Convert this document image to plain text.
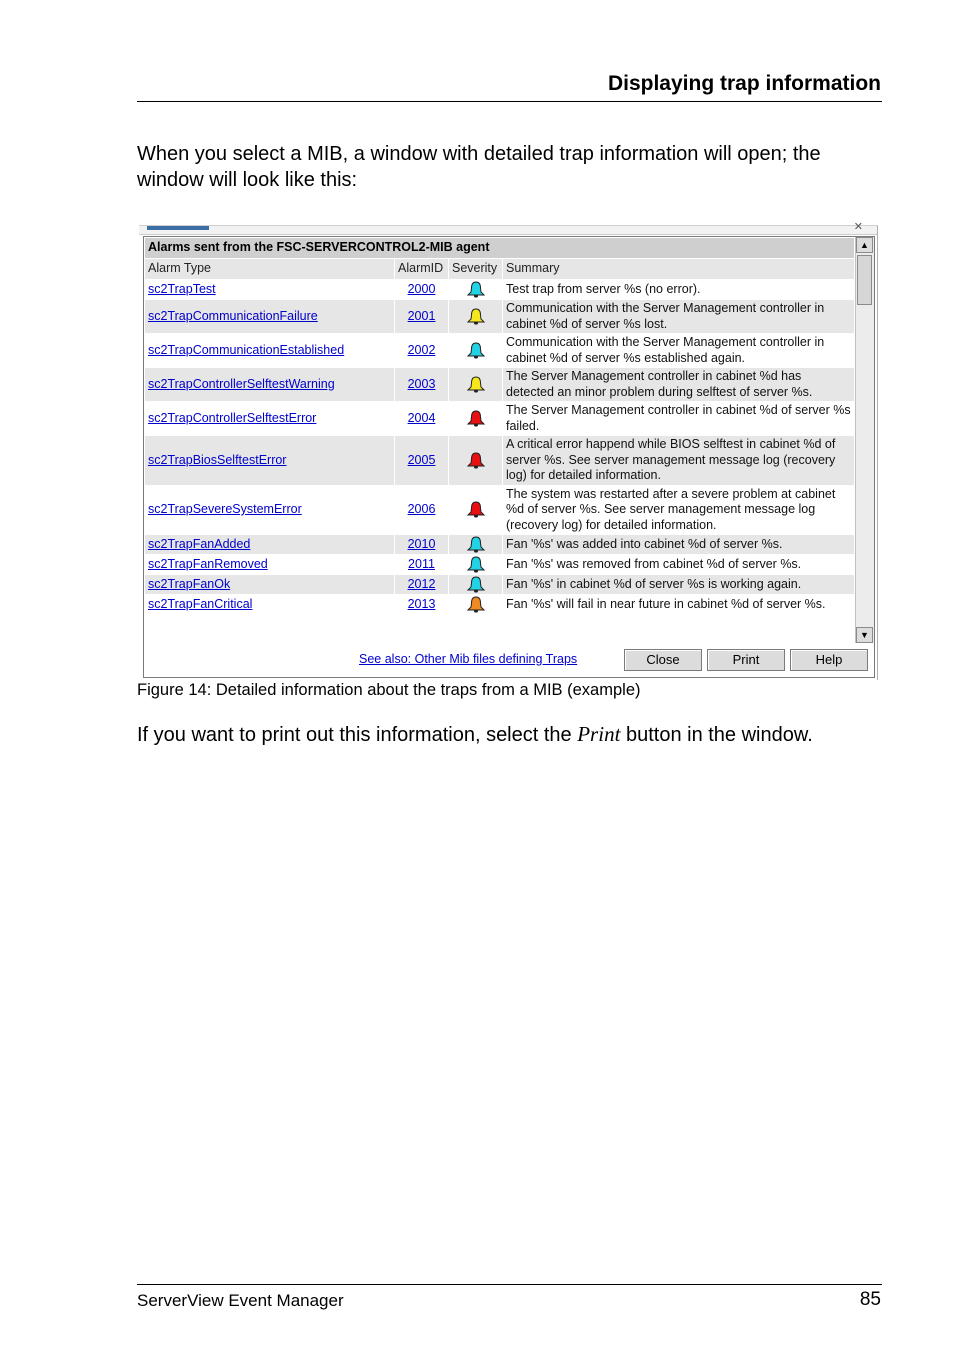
Displaying trap information
When you select a MIB, a window with detailed trap information will open; the window will look like this:
✕
Alarms sent from the FSC-SERVERCONTROL2-MIB agent			
Alarm Type	AlarmID	Severity	Summary
sc2TrapTest	2000		Test trap from server %s (no error).
sc2TrapCommunicationFailure	2001		Communication with the Server Management controller in cabinet %d of server %s lost.
sc2TrapCommunicationEstablished	2002		Communication with the Server Management controller in cabinet %d of server %s established again.
sc2TrapControllerSelftestWarning	2003		The Server Management controller in cabinet %d has detected an minor problem during selftest of server %s.
sc2TrapControllerSelftestError	2004		The Server Management controller in cabinet %d of server %s failed.
sc2TrapBiosSelftestError	2005		A critical error happend while BIOS selftest in cabinet %d of server %s. See server management message log (recovery log) for detailed information.
sc2TrapSevereSystemError	2006		The system was restarted after a severe problem at cabinet %d of server %s. See server management message log (recovery log) for detailed information.
sc2TrapFanAdded	2010		Fan '%s' was added into cabinet %d of server %s.
sc2TrapFanRemoved	2011		Fan '%s' was removed from cabinet %d of server %s.
sc2TrapFanOk	2012		Fan '%s' in cabinet %d of server %s is working again.
sc2TrapFanCritical	2013		Fan '%s' will fail in near future in cabinet %d of server %s.
▲
▼
See also: Other Mib files defining Traps	Close	Print	Help
Figure 14: Detailed information about the traps from a MIB (example)
If you want to print out this information, select the Print button in the window.
ServerView Event Manager	85
